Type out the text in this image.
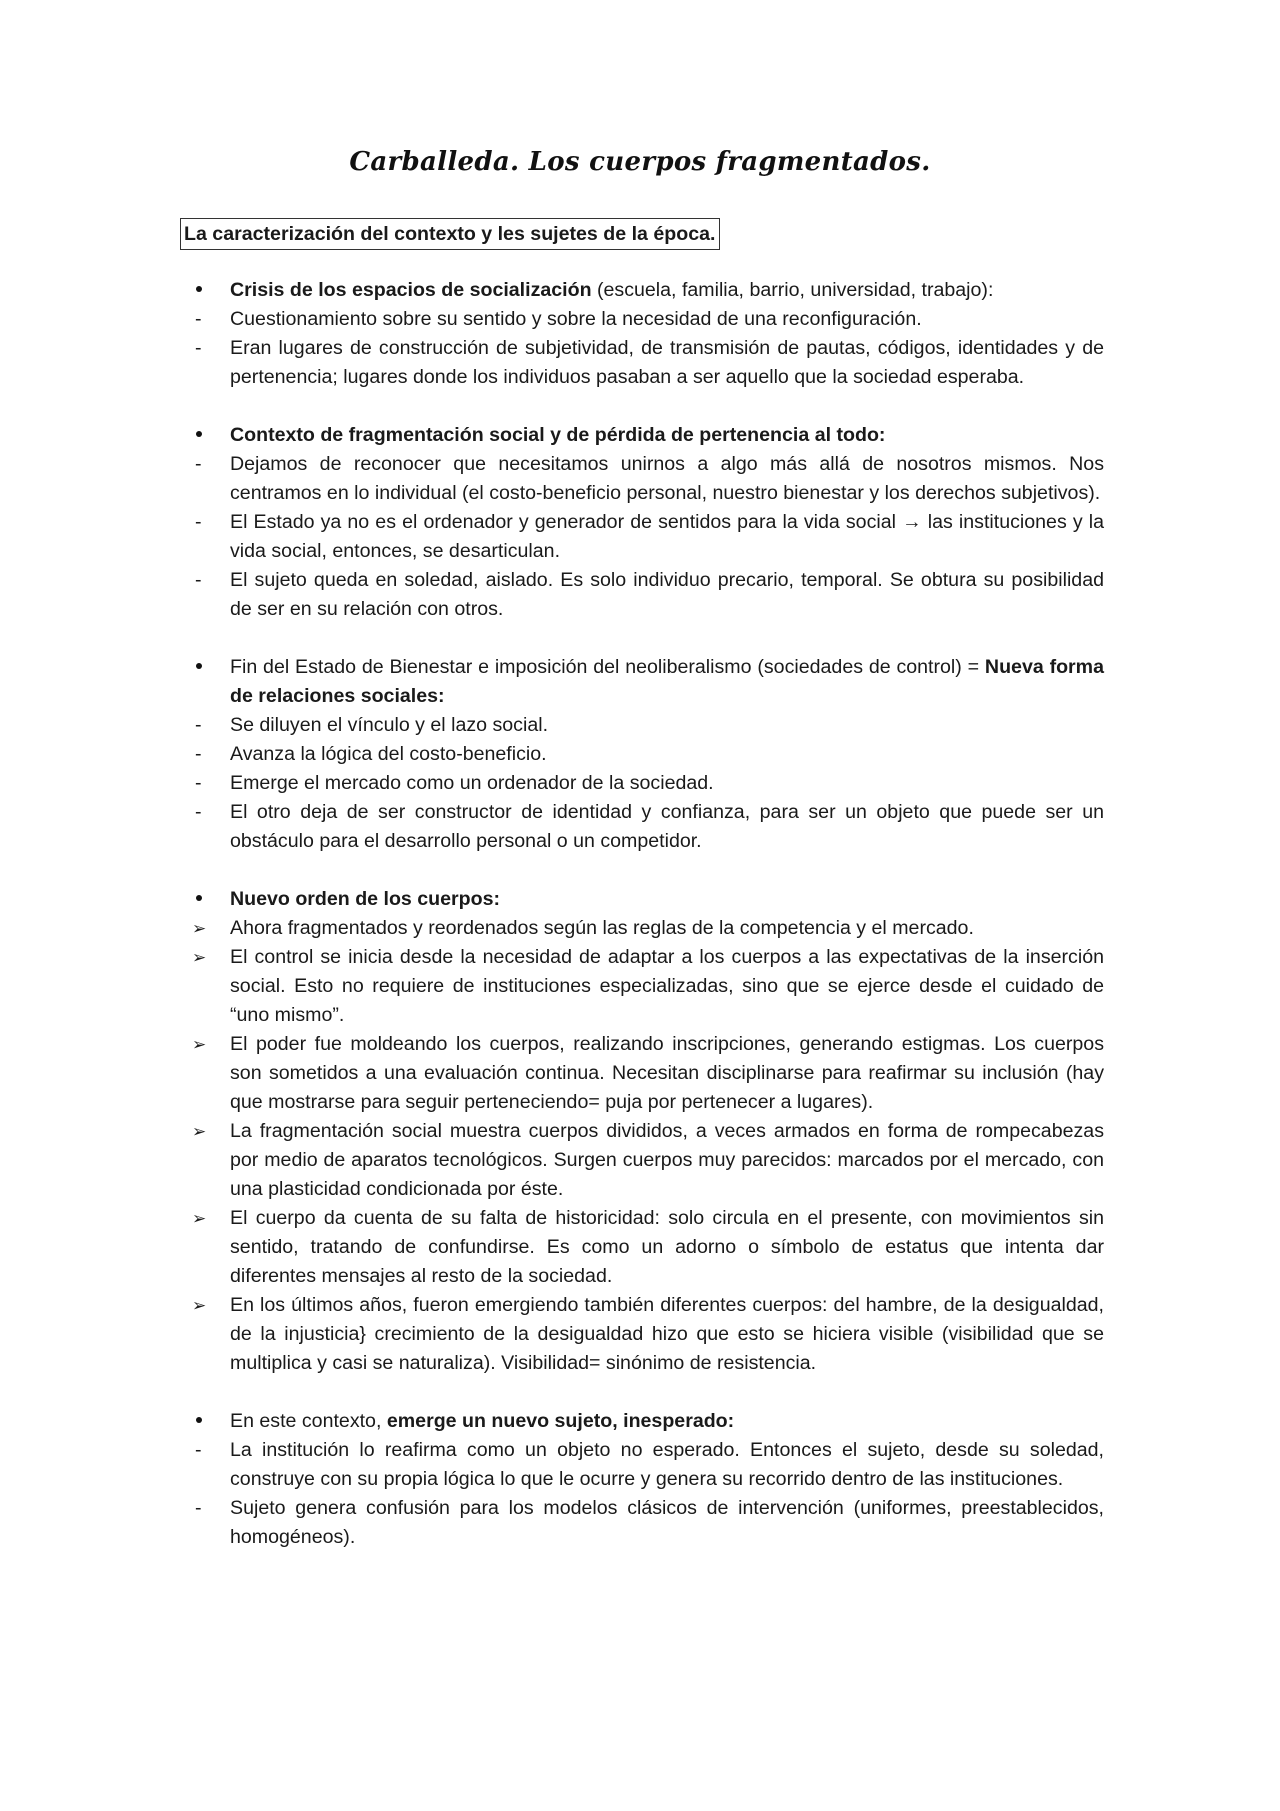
Carballeda. Los cuerpos fragmentados.
La caracterización del contexto y les sujetes de la época.
Crisis de los espacios de socialización (escuela, familia, barrio, universidad, trabajo):
-	Cuestionamiento sobre su sentido y sobre la necesidad de una reconfiguración.
-	Eran lugares de construcción de subjetividad, de transmisión de pautas, códigos, identidades y de pertenencia; lugares donde los individuos pasaban a ser aquello que la sociedad esperaba.
Contexto de fragmentación social y de pérdida de pertenencia al todo:
-	Dejamos de reconocer que necesitamos unirnos a algo más allá de nosotros mismos. Nos centramos en lo individual (el costo-beneficio personal, nuestro bienestar y los derechos subjetivos).
-	El Estado ya no es el ordenador y generador de sentidos para la vida social → las instituciones y la vida social, entonces, se desarticulan.
-	El sujeto queda en soledad, aislado. Es solo individuo precario, temporal. Se obtura su posibilidad de ser en su relación con otros.
Fin del Estado de Bienestar e imposición del neoliberalismo (sociedades de control) = Nueva forma de relaciones sociales:
-	Se diluyen el vínculo y el lazo social.
-	Avanza la lógica del costo-beneficio.
-	Emerge el mercado como un ordenador de la sociedad.
-	El otro deja de ser constructor de identidad y confianza, para ser un objeto que puede ser un obstáculo para el desarrollo personal o un competidor.
Nuevo orden de los cuerpos:
➢	Ahora fragmentados y reordenados según las reglas de la competencia y el mercado.
➢	El control se inicia desde la necesidad de adaptar a los cuerpos a las expectativas de la inserción social. Esto no requiere de instituciones especializadas, sino que se ejerce desde el cuidado de “uno mismo”.
➢	El poder fue moldeando los cuerpos, realizando inscripciones, generando estigmas. Los cuerpos son sometidos a una evaluación continua. Necesitan disciplinarse para reafirmar su inclusión (hay que mostrarse para seguir perteneciendo= puja por pertenecer a lugares).
➢	La fragmentación social muestra cuerpos divididos, a veces armados en forma de rompecabezas por medio de aparatos tecnológicos. Surgen cuerpos muy parecidos: marcados por el mercado, con una plasticidad condicionada por éste.
➢	El cuerpo da cuenta de su falta de historicidad: solo circula en el presente, con movimientos sin sentido, tratando de confundirse. Es como un adorno o símbolo de estatus que intenta dar diferentes mensajes al resto de la sociedad.
➢	En los últimos años, fueron emergiendo también diferentes cuerpos: del hambre, de la desigualdad, de la injusticia} crecimiento de la desigualdad hizo que esto se hiciera visible (visibilidad que se multiplica y casi se naturaliza). Visibilidad= sinónimo de resistencia.
En este contexto, emerge un nuevo sujeto, inesperado:
-	La institución lo reafirma como un objeto no esperado. Entonces el sujeto, desde su soledad, construye con su propia lógica lo que le ocurre y genera su recorrido dentro de las instituciones.
-	Sujeto genera confusión para los modelos clásicos de intervención (uniformes, preestablecidos, homogéneos).
